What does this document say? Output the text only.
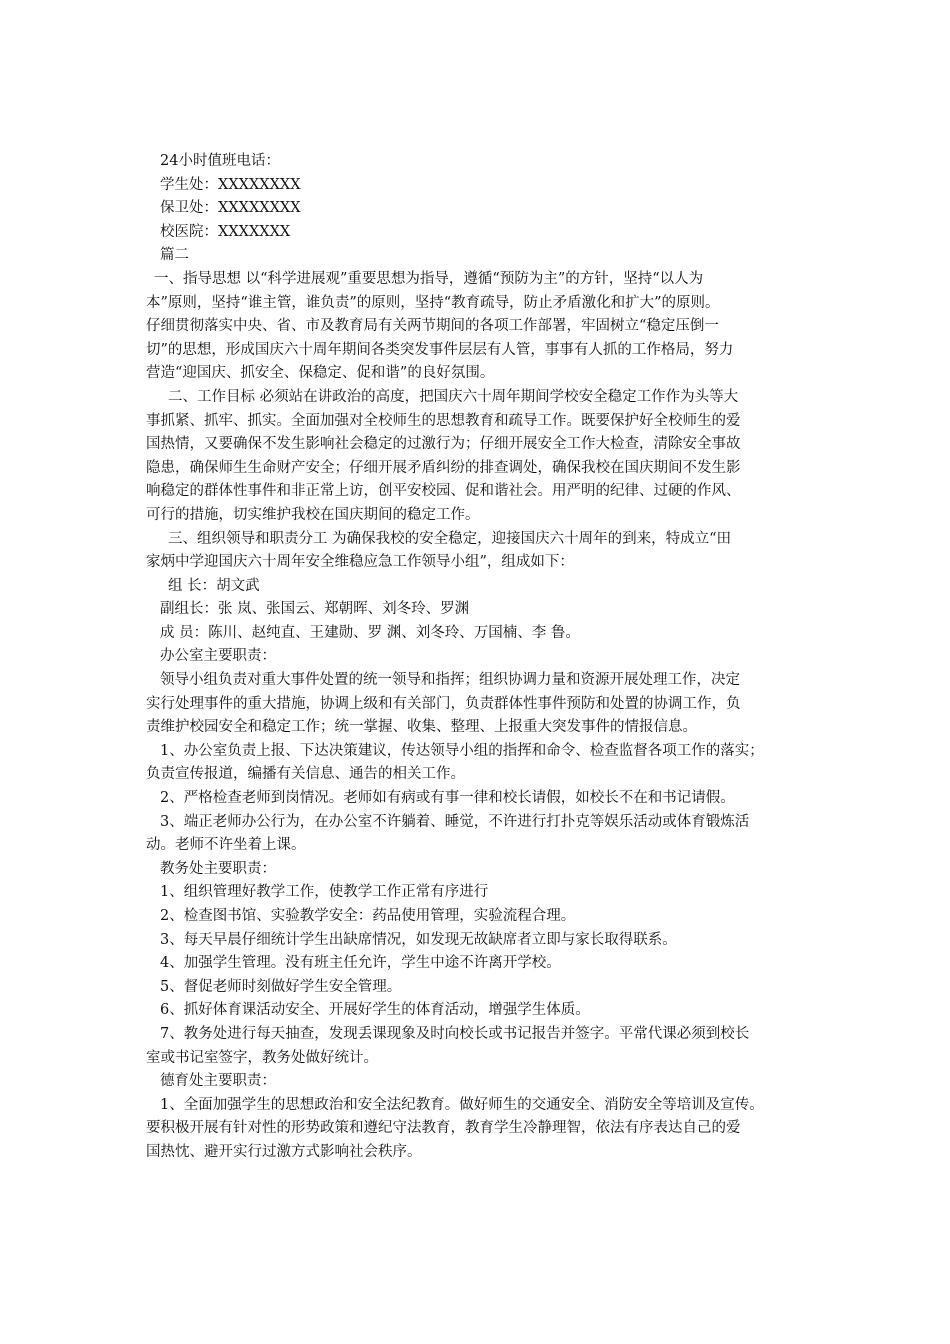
24小时值班电话：
学生处：XXXXXXXX
保卫处：XXXXXXXX
校医院：XXXXXXX
篇二
一、指导思想 以“科学进展观”重要思想为指导，遵循“预防为主”的方针，坚持“以人为
本”原则，坚持“谁主管，谁负责”的原则，坚持“教育疏导，防止矛盾激化和扩大”的原则。
仔细贯彻落实中央、省、市及教育局有关两节期间的各项工作部署，牢固树立“稳定压倒一
切”的思想，形成国庆六十周年期间各类突发事件层层有人管，事事有人抓的工作格局，努力
营造“迎国庆、抓安全、保稳定、促和谐”的良好氛围。
二、工作目标 必须站在讲政治的高度，把国庆六十周年期间学校安全稳定工作作为头等大
事抓紧、抓牢、抓实。全面加强对全校师生的思想教育和疏导工作。既要保护好全校师生的爱
国热情，又要确保不发生影响社会稳定的过激行为；仔细开展安全工作大检查，清除安全事故
隐患，确保师生生命财产安全；仔细开展矛盾纠纷的排查调处，确保我校在国庆期间不发生影
响稳定的群体性事件和非正常上访，创平安校园、促和谐社会。用严明的纪律、过硬的作风、
可行的措施，切实维护我校在国庆期间的稳定工作。
三、组织领导和职责分工 为确保我校的安全稳定，迎接国庆六十周年的到来，特成立“田
家炳中学迎国庆六十周年安全维稳应急工作领导小组”，组成如下：
组 长：胡文武
副组长：张 岚、张国云、郑朝晖、刘冬玲、罗渊
成 员：陈川、赵纯直、王建勋、罗 渊、刘冬玲、万国楠、李 鲁。
办公室主要职责：
领导小组负责对重大事件处置的统一领导和指挥；组织协调力量和资源开展处理工作，决定
实行处理事件的重大措施，协调上级和有关部门，负责群体性事件预防和处置的协调工作，负
责维护校园安全和稳定工作；统一掌握、收集、整理、上报重大突发事件的情报信息。
1、办公室负责上报、下达决策建议，传达领导小组的指挥和命令、检查监督各项工作的落实；
负责宣传报道，编播有关信息、通告的相关工作。
2、严格检查老师到岗情况。老师如有病或有事一律和校长请假，如校长不在和书记请假。
3、端正老师办公行为，在办公室不许躺着、睡觉，不许进行打扑克等娱乐活动或体育锻炼活
动。老师不许坐着上课。
教务处主要职责：
1、组织管理好教学工作，使教学工作正常有序进行
2、检查图书馆、实验教学安全：药品使用管理，实验流程合理。
3、每天早晨仔细统计学生出缺席情况，如发现无故缺席者立即与家长取得联系。
4、加强学生管理。没有班主任允许，学生中途不许离开学校。
5、督促老师时刻做好学生安全管理。
6、抓好体育课活动安全、开展好学生的体育活动，增强学生体质。
7、教务处进行每天抽查，发现丢课现象及时向校长或书记报告并签字。平常代课必须到校长
室或书记室签字，教务处做好统计。
德育处主要职责：
1、全面加强学生的思想政治和安全法纪教育。做好师生的交通安全、消防安全等培训及宣传。
要积极开展有针对性的形势政策和遵纪守法教育，教育学生冷静理智，依法有序表达自己的爱
国热忱、避开实行过激方式影响社会秩序。
